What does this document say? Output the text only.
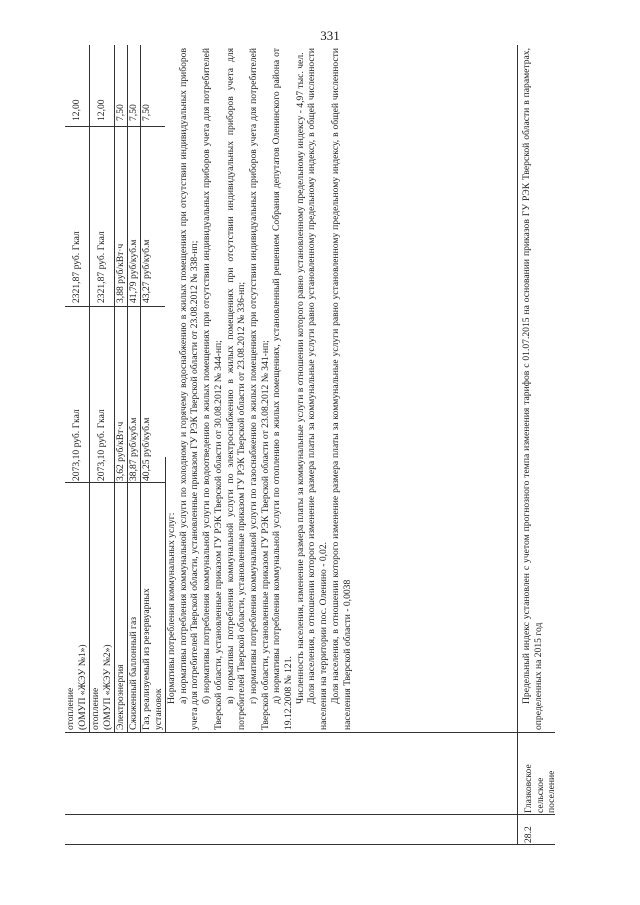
331
отопление (ОМУП «ЖЭУ №1»)
2073,10 руб. Гкал
2321,87 руб. Гкал
12,00
отопление (ОМУП «ЖЭУ №2»)
2073,10 руб. Гкал
2321,87 руб. Гкал
12,00
Электроэнергия
3,62 руб/кВт·ч
3,88 руб/кВт·ч
7,50
Сжиженный баллонный газ
38,87 руб/куб.м
41,79 руб/куб.м
7,50
Газ, реализуемый из резервуарных установок
40,25 руб/куб.м
43,27 руб/куб.м
7,50

Нормативы потребления коммунальных услуг: а) нормативы потребления коммунальной услуги по холодному и горячему водоснабжению в жилых помещениях при отсутствии индивидуальных приборов учета для потребителей Тверской области, установленные приказом ГУ РЭК Тверской области от 23.08.2012 № 338-нп; б) нормативы потребления коммунальной услуги по водоотведению в жилых помещениях при отсутствии индивидуальных приборов учета для потребителей Тверской области, установленные приказом ГУ РЭК Тверской области от 30.08.2012 № 344-нп; в) нормативы потребления коммунальной услуги по электроснабжению в жилых помещениях при отсутствии индивидуальных приборов учета для потребителей Тверской области, установленные приказом ГУ РЭК Тверской области от 23.08.2012 № 336-нп; г) нормативы потребления коммунальной услуги по газоснабжению в жилых помещениях при отсутствии индивидуальных приборов учета для потребителей Тверской области, установленные приказом ГУ РЭК Тверской области от 23.08.2012 № 341-нп; д) нормативы потребления коммунальной услуги по отоплению в жилых помещениях, установленный решением Собрания депутатов Оленинского района от 19.12.2008 № 121. Численность населения, изменение размера платы за коммунальные услуги в отношении которого равно установленному предельному индексу - 4,97 тыс. чел. Доля населения, в отношении которого изменение размера платы за коммунальные услуги равно установленному предельному индексу, в общей численности населения на территории пос. Оленино - 0,02. Доля населения, в отношении которого изменение размера платы за коммунальные услуги равно установленному предельному индексу, в общей численности населения Тверской области - 0,0038

28.2
Глазковское сельское поселение

Предельный индекс установлен с учетом прогнозного темпа изменения тарифов с 01.07.2015 на основании приказов ГУ РЭК Тверской области в параметрах, определенных на 2015 год
